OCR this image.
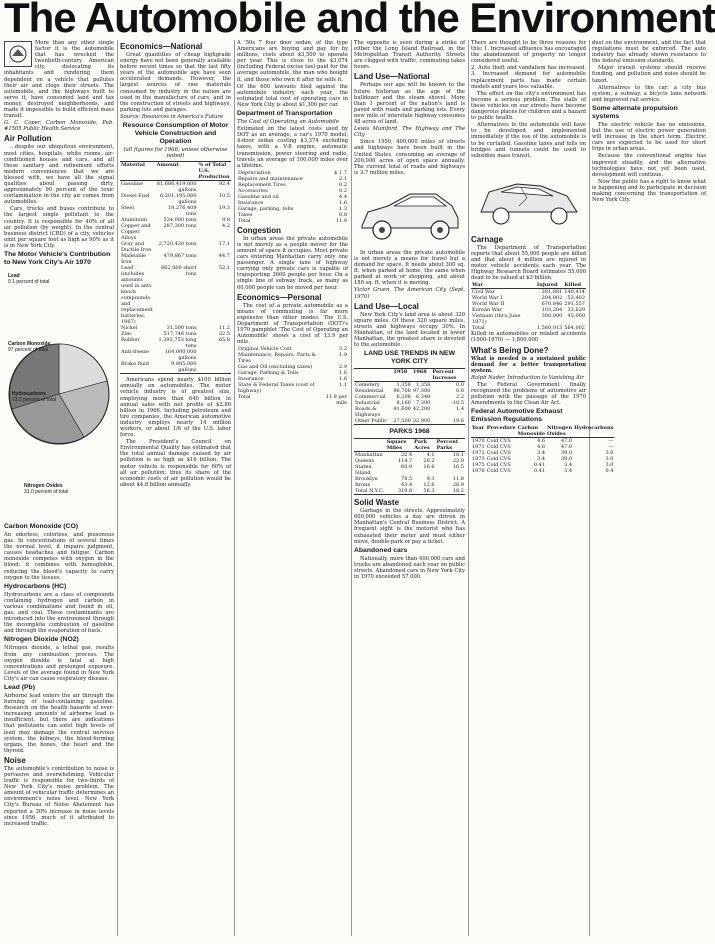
The Automobile and the Environment

More than any other single factor it is the automobile that has wrecked the twentieth-century American city, dislocating its inhabitants and rendering them dependent on a vehicle that pollutes their air and clogs their streets. The automobile, and the highways built to serve it, have consumed land and tax money, destroyed neighborhoods, and made it impossible to build efficient mass transit.

G. C. Coper, Carbon Monoxide, Pub. #1505 Public Health Service

Air Pollution

...despite our ubiquitous environment, most cities, hospitals, white rooms, air-conditioned houses and cars, and all these sanitary and refinement efforts modern conveniences that we are blessed with, we have all the signal qualities about passing dirty, approximately 90 percent of the toxic contamination in the city air comes from automobiles.

Cars, trucks and buses contribute to the largest single pollutant to the country. It is responsible for 40% of all air pollution (by weight). In the central business district (CBD) of a city, vehicles emit per square foot as high as 90% as it is in New York City.

The Motor Vehicle's Contribution to New York City's Air 1970
Lead
0.1 percent of total
Carbon Monoxide
97 percent of total
Hydrocarbons
73.5 percent of total
Nitrogen Oxides
31.0 percent of total
Carbon Monoxide (CO)

An odorless, colorless, and poisonous gas. In concentrations of several times the normal level, it impairs judgment, causes headaches and fatigue. Carbon monoxide competes with oxygen in the blood; it combines with hemoglobin, reducing the blood's capacity to carry oxygen to the tissues.

Hydrocarbons (HC)

Hydrocarbons are a class of compounds containing hydrogen and carbon in various combinations and found in oil, gas, and coal. These contaminants are introduced into the environment through the incomplete combustion of gasoline and through the evaporation of fuels.

Nitrogen Dioxide (NO2)

Nitrogen dioxide, a lethal gas, results from any combustion process. The oxygen dioxide is fatal at high concentrations and prolonged exposure. Levels of the average found in New York City's air can cause respiratory disease.

Lead (Pb)

Airborne lead enters the air through the burning of lead-containing gasoline. Research on the health hazards of ever-increasing amounts of airborne lead is insufficient, but there are indications that pollutants can exist high levels of lead may damage the central nervous system, the kidneys, the blood-forming organs, the bones, the heart and the thyroid.

Noise

The automobile's contribution to noise is pervasive and overwhelming. Vehicular traffic is responsible for two-thirds of New York City's noise problem. The amount of vehicular traffic determines an environment's noise level. New York City's Bureau of Noise Abatement has reported a 30% increase in noise levels since 1956, much of it attributed to increased traffic.

Economics—National

Great quantities of cheap highgrade energy have not been generally available before recent times so that the last fifty years of the automobile age have seen accelerated demands. However, the largest sources of raw materials consumed by industry in the nation are used in the manufacture of cars, and in the construction of streets and highways, parking lots and garages.

Source: Resources in America's Future

Resource Consumption of Motor Vehicle Construction and Operation
(all figures for 1966, unless otherwise noted)
Material	Amount	% of Total U.S. Production
Gasoline	81,686,419,000 gallons	92.4
Diesel Fuel	6,201,195,000 gallons	10.5
Steel	18,276,409 tons	19.3
Aluminum	534,000 tons	9.8
Copper and Copper Alloys	287,300 tons	4.2
Gray and Ductile Iron	2,720,430 tons	17.1
Malleable Iron	479,867 tons	44.7
Lead (includes amounts used in anti-knock compounds and replacement batteries, 1967)	662,000 short tons	52.1
Nickel	31,500 tons	11.2
Zinc	517,746 tons	32.5
Rubber	1,392,753 long tons	65.8
Anti-freeze	164,000,000 gallons	
Brake fluid	9,895,000 gallons	

Americans spend nearly $100 billion annually on automobiles. The motor vehicle industry is of greatest size, employing more than 640 billion in annual sales with net profits of $2.86 billion in 1966. Including petroleum and tire companies, the American automotive industry employs nearly 14 million workers, or about 1/6 of the U.S. labor force.

The President's Council on Environmental Quality has estimated that the total annual damage caused by air pollution is as high as $16 billion. The motor vehicle is responsible for 60% of all air pollution; thus its share of the economic costs of air pollution would be about $4.8 billion annually.

A '50s 7 four door sedan, of the type Americans are buying and pay for by millions, costs about $3,500 to operate per year. This is close to the $3,074 (including Federal excise tax) paid for the average automobile, the man who bought it, and those who own it after he sells it.

Of the 600 lawsuits filed against the automobile industry each year, the estimated total cost of operating cars in New York City is about $1,300 per car.

Department of Transportation
The Cost of Operating an Automobile

Estimated on the latest costs used by DOT as an average, a car's 1970 model, 4-door sedan costing $3,374 excluding taxes, with a V-8 engine, automatic transmission, power steering and radio, travels an average of 100,000 miles over a lifetime.

Depreciation	$ 1.7
Repairs and maintenance	2.1
Replacement Tires	0.2
Accessories	0.2
Gasoline and oil	4.4
Insurance	1.6
Garage, parking, tolls	1.3
Taxes	0.8
Total	11.9
Congestion

In urban areas the private automobile is not merely as a people mover for the amount of space it occupies. Most private cars entering Manhattan carry only one passenger. A single lane of highway carrying only private cars is capable of transporting 3600 people per hour. On a single line of subway track, as many as 60,000 people can be moved per hour.

Economics—Personal

The cost of a private automobile as a means of commuting is far more expensive than other modes. The U.S. Department of Transportation (DOT)'s 1970 pamphlet 'The Cost of Operating an Automobile' shows a cost of 13.9 per mile.

Original Vehicle Cost	3.2
Maintenance, Repairs, Parts & Tires	1.9
Gas and Oil (excluding taxes)	2.9
Garage, Parking & Tolls	1.6
Insurance	1.6
State & Federal Taxes (cost of highway)	1.1
Total	11.9 per mile

The opposite is seen during a strike of either the Long Island Railroad, in the Metropolitan Transit Authority. Streets are clogged with traffic, commuting takes hours.

Land Use—National

Perhaps our age will be known to the future historian as the age of the bulldozer and the steam shovel. More than 1 percent of the nation's land is paved with roads and parking lots. Every new mile of interstate highway consumes 48 acres of land.

Lewis Mumford, The Highway and The City

Since 1950, 400,000 miles of streets and highways have been built in the United States, consuming an average of 200,000 acres of open space annually. The current total of roads and highways is 3.7 million miles.

In urban areas the private automobile is not merely a means for travel but a demand for space. It needs about 300 sq. ft. when parked at home, the same when parked at work or shopping, and about 180 sq. ft. when it is moving.

Victor Gruen, The American City (Sept. 1970)

Land Use—Local

New York City's land area is about 320 square miles. Of these 320 square miles, streets and highways occupy 30%. In Manhattan, of the land located in lower Manhattan, the greatest share is devoted to the automobile.

LAND USE TRENDS IN NEW YORK CITY
	1958	1968	Percent Increase
Cemetery	1,358	1,358	0.0
Residential	96,708	97,300	0.6
Commercial	6,206	6,340	2.2
Industrial	8,160	7,300	-10.5
Roads & Highways	41,600	42,200	1.4
Other Public	27,500	32,900	19.6
PARKS 1968
	Square Miles	Park Acres	Percent Parks
Manhattan	22.4	4.1	18.1
Queens	114.7	26.2	22.9
Staten Island	60.9	16.6	16.5
Brooklyn	78.5	9.3	11.8
Bronx	43.4	12.6	28.9
Total N.Y.C.	319.8	56.3	18.2
Solid Waste

Garbage in the streets. Approximately 600,000 vehicles a day are driven in Manhattan's Central Business District. A frequent sight is the motorist who has exhausted their meter and must either move, double-park or pay a ticket.

Abandoned cars

Nationally, more than 400,000 cars and trucks are abandoned each year on public streets. Abandoned cars in New York City in 1970 exceeded 57,000.

There are thought to be three reasons for this: 1. Increased affluence has encouraged the abandonment of property no longer considered useful.

2. Auto theft and vandalism has increased. 3. Increased demand for automobile replacement parts has made certain models and years less valuable.

The effect on the city's environment has become a serious problem. The stalls of these vehicles on our streets have become dangerous places for children and a hazard to public health.

Alternatives to the automobile will have to be developed and implemented immediately if the use of the automobile is to be curtailed. Gasoline taxes and tolls on bridges and tunnels could be used to subsidize mass transit.

Carnage

The Department of Transportation reports that about 55,000 people are killed and that about 4 million are injured in motor vehicle accidents each year. The Highway Research Board estimates 55,000 dead to be valued at $3 billion.

War	Injured	Killed
Civil War	281,881	140,414
World War I	204,002	53,402
World War II	670,846	291,557
Korean War	103,284	33,629
Vietnam (thru June 1971)	300,000	45,000
Total	1,560,013	564,002

Killed in automobiles or related accidents (1900-1970) — 1,800,000

What's Being Done?

What is needed is a sustained public demand for a better transportation system.

Ralph Nader, Introduction to Vanishing Air

The Federal Government finally recognized the problems of automotive air pollution with the passage of the 1970 Amendments to the Clean Air Act.

Federal Automotive Exhaust Emission Regulations
Year	Procedure	Carbon Monoxide	Nitrogen Oxides	Hydrocarbons
1970	Cold CVS	4.6	47.0	—
1971	Cold CVS	4.6	47.0	—
1972	Cold CVS	3.4	39.0	3.0
1973	Cold CVS	3.4	39.0	3.0
1975	Cold CVS	0.41	3.4	3.0
1976	Cold CVS	0.41	3.4	0.4

dust on the environment, and the fact that regulations must be enforced. The auto industry has already shown resistance to the federal emission standards.

Major transit systems should receive funding, and pollution and noise should be taxed.

Alternatives to the car: a city bus system, a subway, a bicycle lane network and improved rail service.

Some alternate propulsion systems

The electric vehicle has no emissions, but the use of electric power generation will increase in the short term. Electric cars are expected to be used for short trips in urban areas.

Because the conventional engine has improved steadily, and the alternative technologies have not yet been used, development will continue.

Now the public has a right to know what is happening and to participate in decision making concerning the transportation of New York City.
